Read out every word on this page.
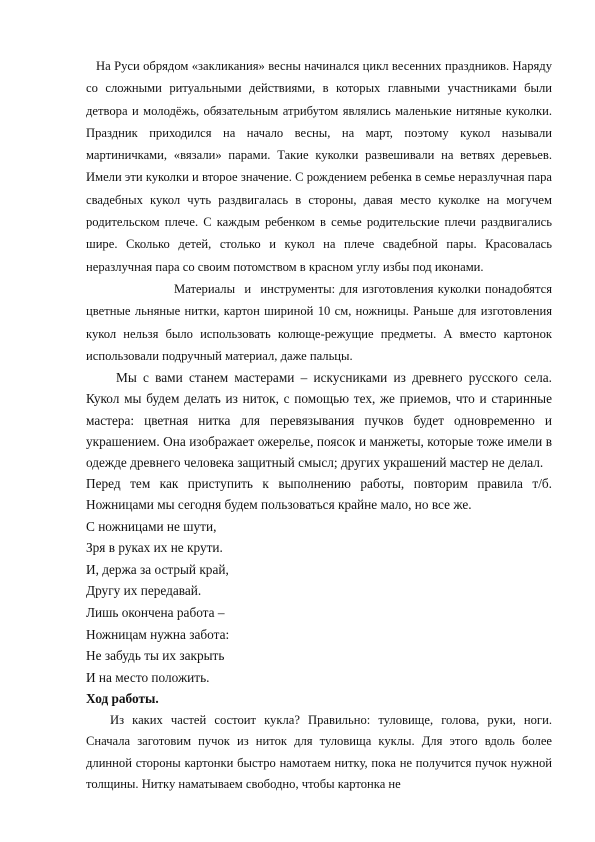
На Руси обрядом «закликания» весны начинался цикл весенних праздников. Наряду со сложными ритуальными действиями, в которых главными участниками были детвора и молодёжь, обязательным атрибутом являлись маленькие нитяные куколки. Праздник приходился на начало весны, на март, поэтому кукол называли мартиничками, «вязали» парами. Такие куколки развешивали на ветвях деревьев. Имели эти куколки и второе значение. С рождением ребенка в семье неразлучная пара свадебных кукол чуть раздвигалась в стороны, давая место куколке на могучем родительском плече. С каждым ребенком в семье родительские плечи раздвигались шире. Сколько детей, столько и кукол на плече свадебной пары. Красовалась неразлучная пара со своим потомством в красном углу избы под иконами.

Материалы и инструменты: для изготовления куколки понадобятся цветные льняные нитки, картон шириной 10 см, ножницы. Раньше для изготовления кукол нельзя было использовать колюще-режущие предметы. А вместо картонок использовали подручный материал, даже пальцы.

Мы с вами станем мастерами – искусниками из древнего русского села. Кукол мы будем делать из ниток, с помощью тех, же приемов, что и старинные мастера: цветная нитка для перевязывания пучков будет одновременно и украшением. Она изображает ожерелье, поясок и манжеты, которые тоже имели в одежде древнего человека защитный смысл; других украшений мастер не делал.

Перед тем как приступить к выполнению работы, повторим правила т/б. Ножницами мы сегодня будем пользоваться крайне мало, но все же.

С ножницами не шути,
Зря в руках их не крути.
И, держа за острый край,
Другу их передавай.
Лишь окончена работа –
Ножницам нужна забота:
Не забудь ты их закрыть
И на место положить.

Ход работы.

Из каких частей состоит кукла? Правильно: туловище, голова, руки, ноги. Сначала заготовим пучок из ниток для туловища куклы. Для этого вдоль более длинной стороны картонки быстро намотаем нитку, пока не получится пучок нужной толщины. Нитку наматываем свободно, чтобы картонка не
